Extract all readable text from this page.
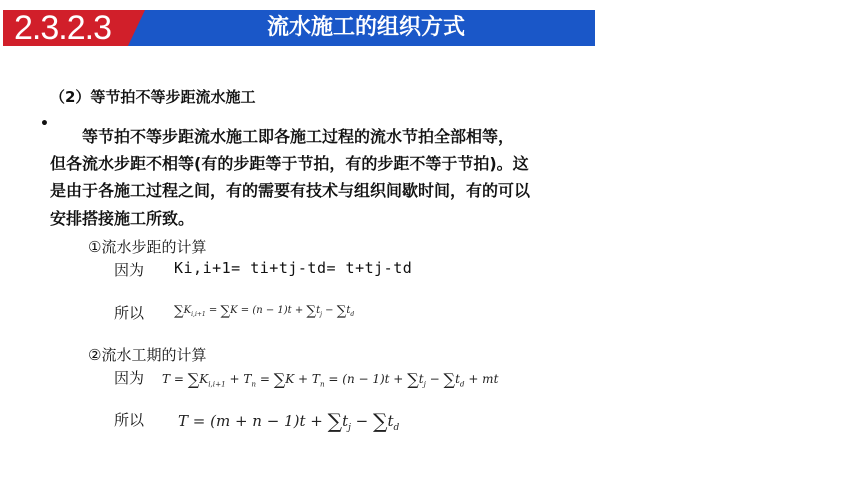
2.3.2.3	流水施工的组织方式
（2）等节拍不等步距流水施工
•
　　等节拍不等步距流水施工即各施工过程的流水节拍全部相等，
但各流水步距不相等(有的步距等于节拍，有的步距不等于节拍)。这
是由于各施工过程之间，有的需要有技术与组织间歇时间，有的可以
安排搭接施工所致。
①流水步距的计算
因为 Ki,i+1= ti+tj-td= t+tj-td
所以 $\sum K_{i,i+1} = \sum K = (n - 1)t + \sum t_j - \sum t_d$
②流水工期的计算
因为 $T = \sum K_{i,i+1} + T_n = \sum K + T_n = (n - 1)t + \sum t_j - \sum t_d$ + mt
所以 $T = (m + n - 1)t + \sum t_j - \sum t_d$
